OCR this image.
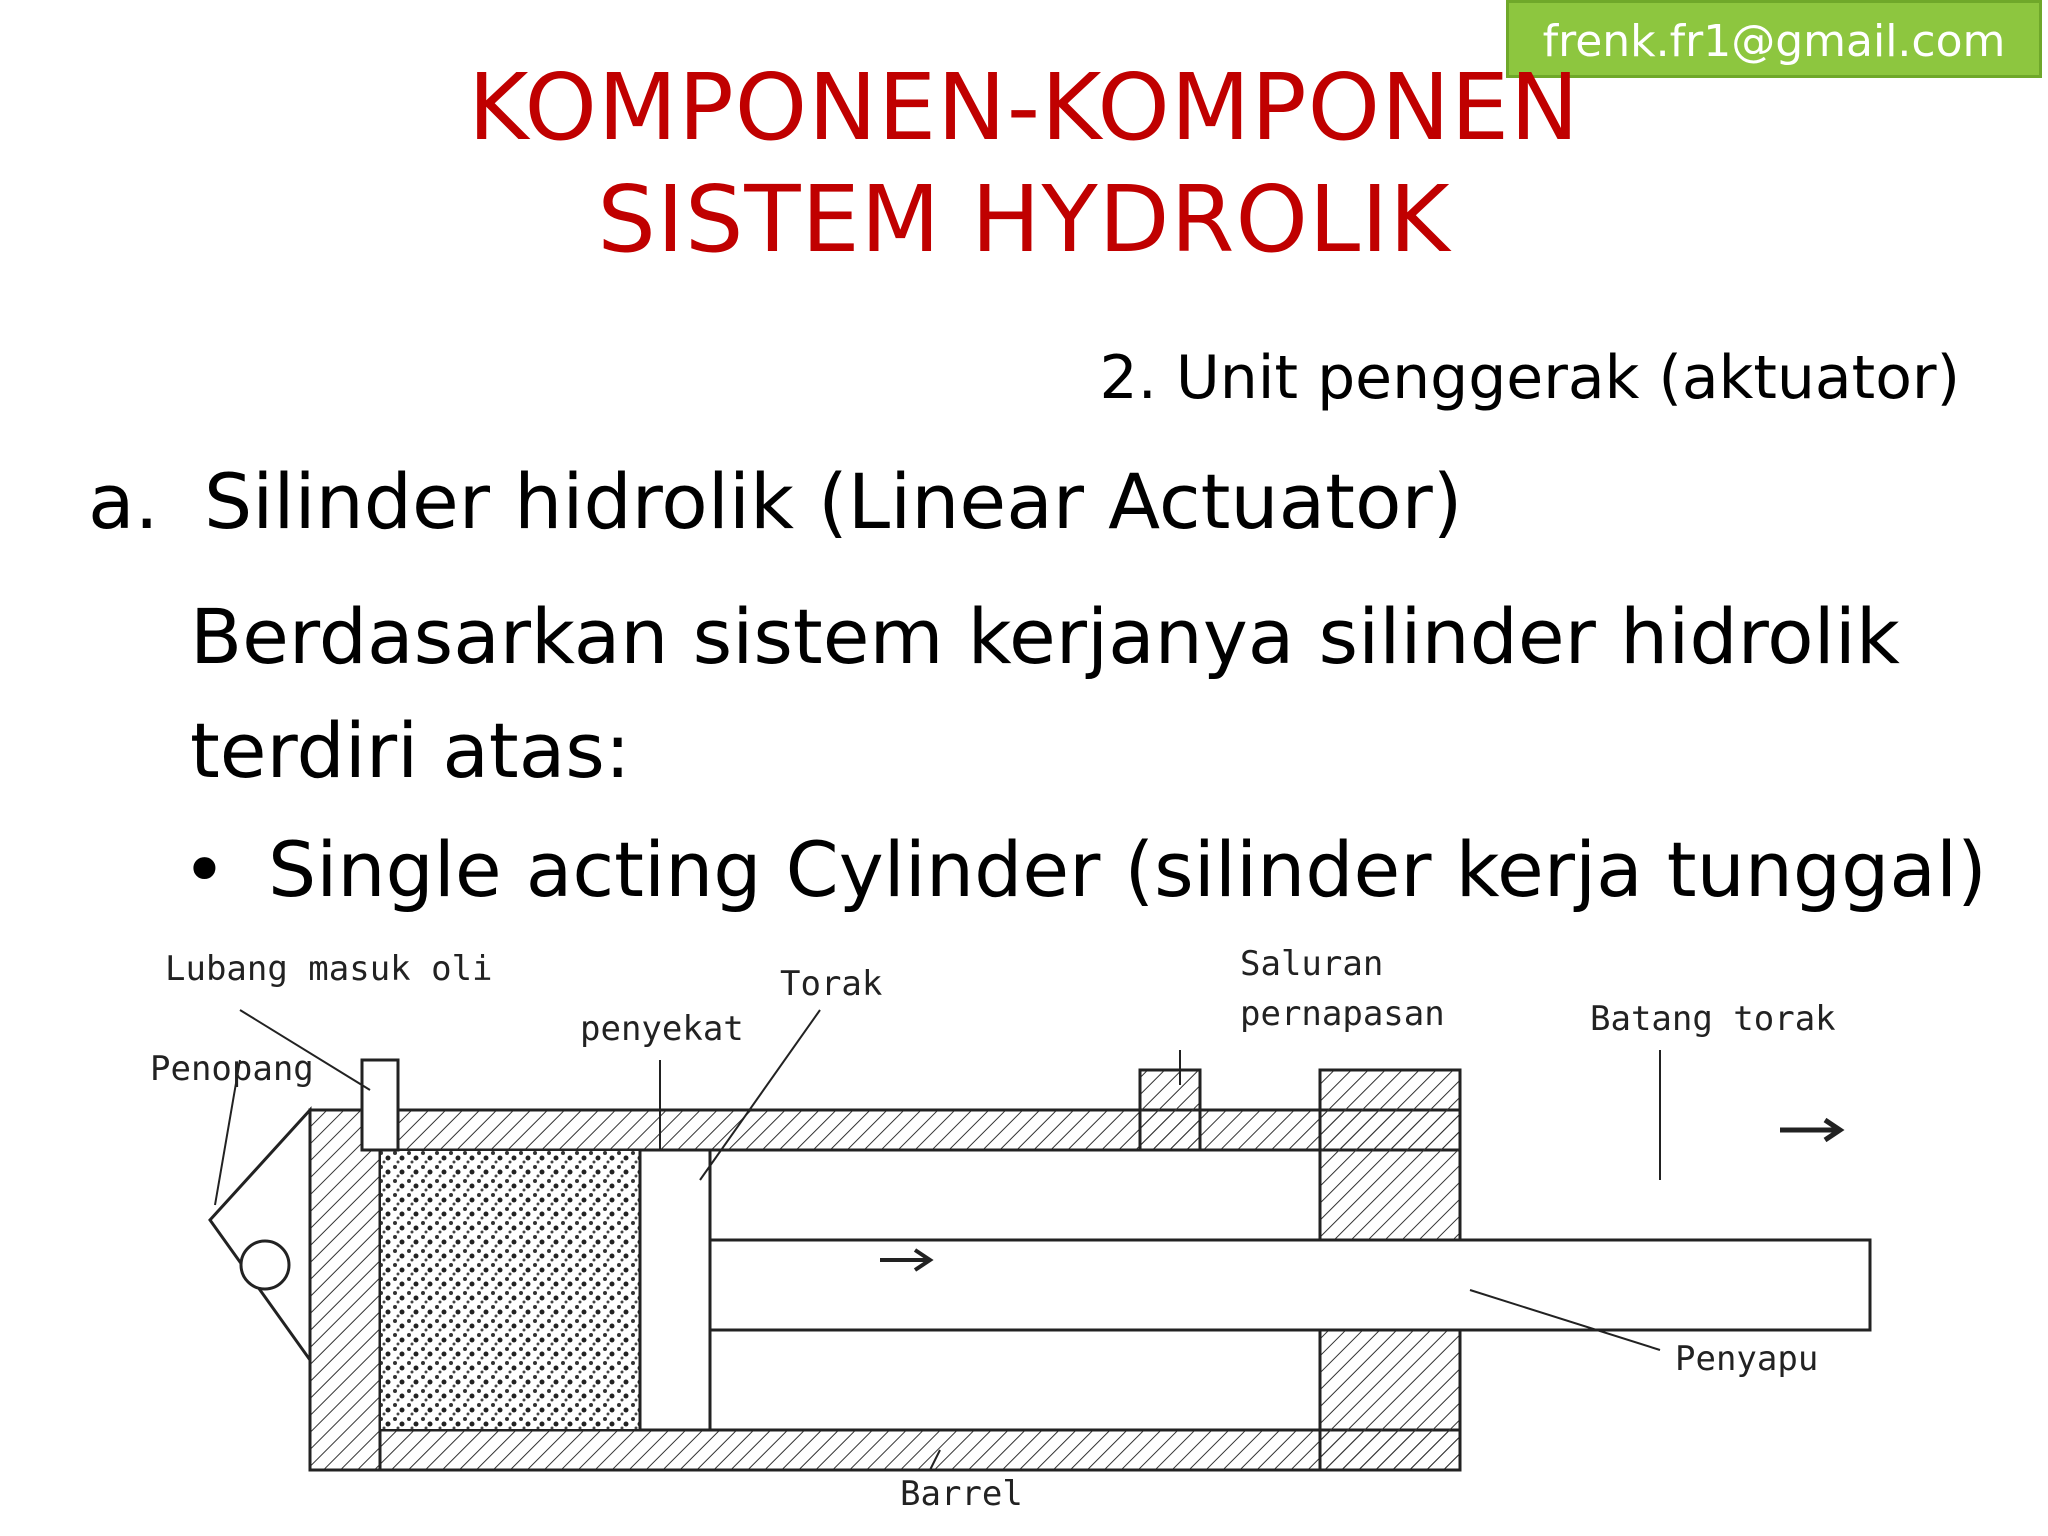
frenk.fr1@gmail.com
KOMPONEN-KOMPONEN
SISTEM HYDROLIK
2. Unit penggerak (aktuator)
a. Silinder hidrolik (Linear Actuator)
Berdasarkan sistem kerjanya silinder hidrolik terdiri atas:
• Single acting Cylinder (silinder kerja tunggal)
Lubang masuk oli
Penopang
penyekat
Torak	Saluran
pernapasan	Batang torak
Penyapu
Barrel
